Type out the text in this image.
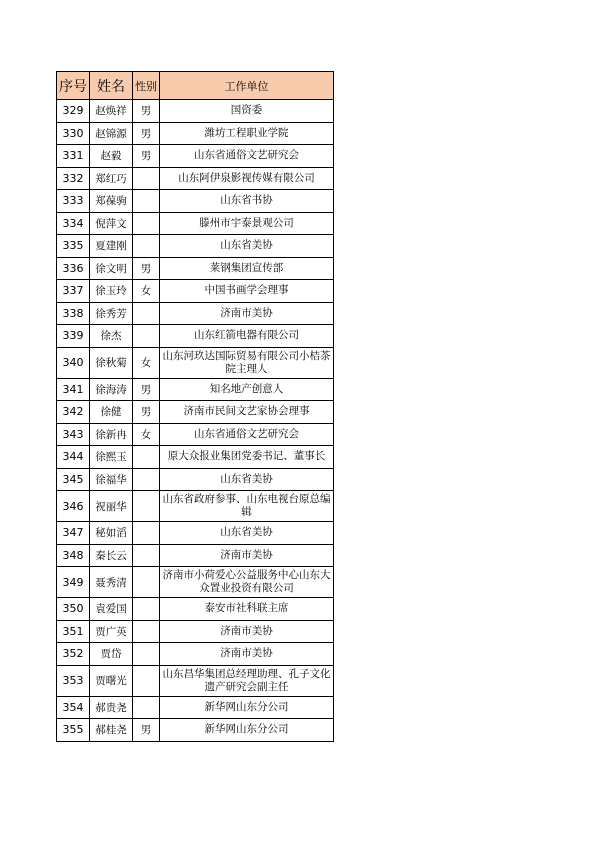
序号	姓名	性别	工作单位
329	赵焕祥	男	国资委
330	赵锦源	男	潍坊工程职业学院
331	赵毅	男	山东省通俗文艺研究会
332	郑红巧		山东阿伊泉影视传媒有限公司
333	郑葆驹		山东省书协
334	倪萍文		滕州市宇泰景观公司
335	夏建刚		山东省美协
336	徐文明	男	莱钢集团宣传部
337	徐玉玲	女	中国书画学会理事
338	徐秀芳		济南市美协
339	徐杰		山东红箭电器有限公司
340	徐秋菊	女	山东河玖达国际贸易有限公司小桔茶院主理人
341	徐海涛	男	知名地产创意人
342	徐健	男	济南市民间文艺家协会理事
343	徐新冉	女	山东省通俗文艺研究会
344	徐熙玉		原大众报业集团党委书记、董事长
345	徐福华		山东省美协
346	祝丽华		山东省政府参事、山东电视台原总编辑
347	秘如滔		山东省美协
348	秦长云		济南市美协
349	聂秀清		济南市小荷爱心公益服务中心山东大众置业投资有限公司
350	袁爱国		泰安市社科联主席
351	贾广英		济南市美协
352	贾岱		济南市美协
353	贾曙光		山东昌华集团总经理助理、孔子文化遗产研究会副主任
354	郝贵尧		新华网山东分公司
355	郝桂尧	男	新华网山东分公司
